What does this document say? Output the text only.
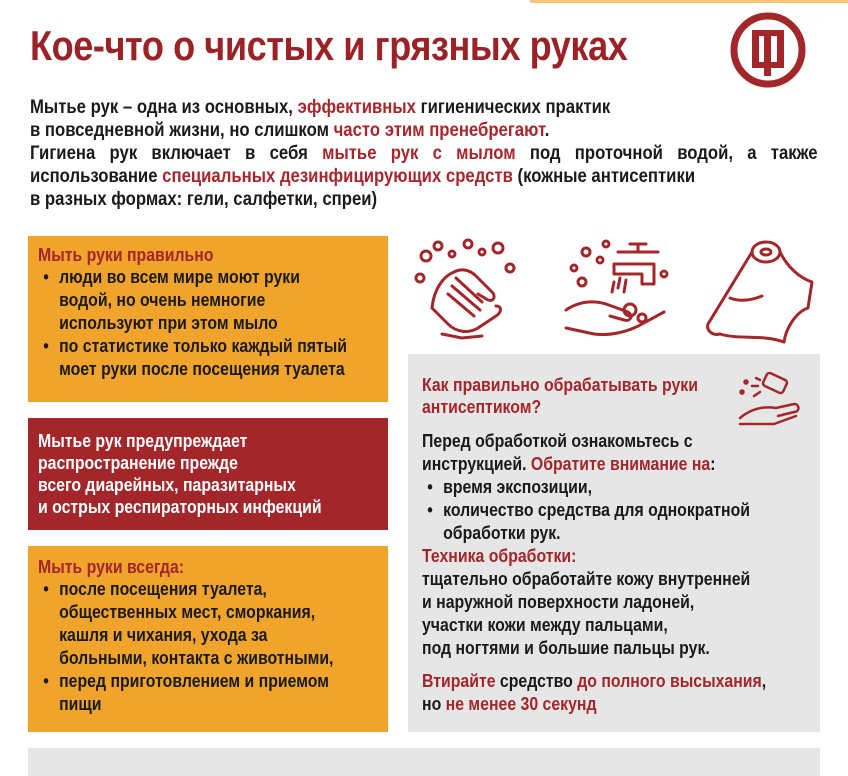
Кое-что о чистых и грязных руках
Мытье рук – одна из основных, эффективных гигиенических практик
в повседневной жизни, но слишком часто этим пренебрегают.
Гигиена рук включает в себя мытье рук с мылом под проточной водой, а также
использование специальных дезинфицирующих средств (кожные антисептики
в разных формах: гели, салфетки, спреи)

Мыть руки правильно

• люди во всем мире моют руки
водой, но очень немногие
используют при этом мыло
• по статистике только каждый пятый
моет руки после посещения туалета
Мытье рук предупреждает
распространение прежде
всего диарейных, паразитарных
и острых респираторных инфекций

Мыть руки всегда:

• после посещения туалета,
общественных мест, сморкания,
кашля и чихания, ухода за
больными, контакта с животными,
• перед приготовлением и приемом
пищи

Как правильно обрабатывать руки
антисептиком?

Перед обработкой ознакомьтесь с
инструкцией. Обратите внимание на:
• время экспозиции,
• количество средства для однократной
обработки рук.
Техника обработки:
тщательно обработайте кожу внутренней
и наружной поверхности ладоней,
участки кожи между пальцами,
под ногтями и большие пальцы рук.
Втирайте средство до полного высыхания,
но не менее 30 секунд
